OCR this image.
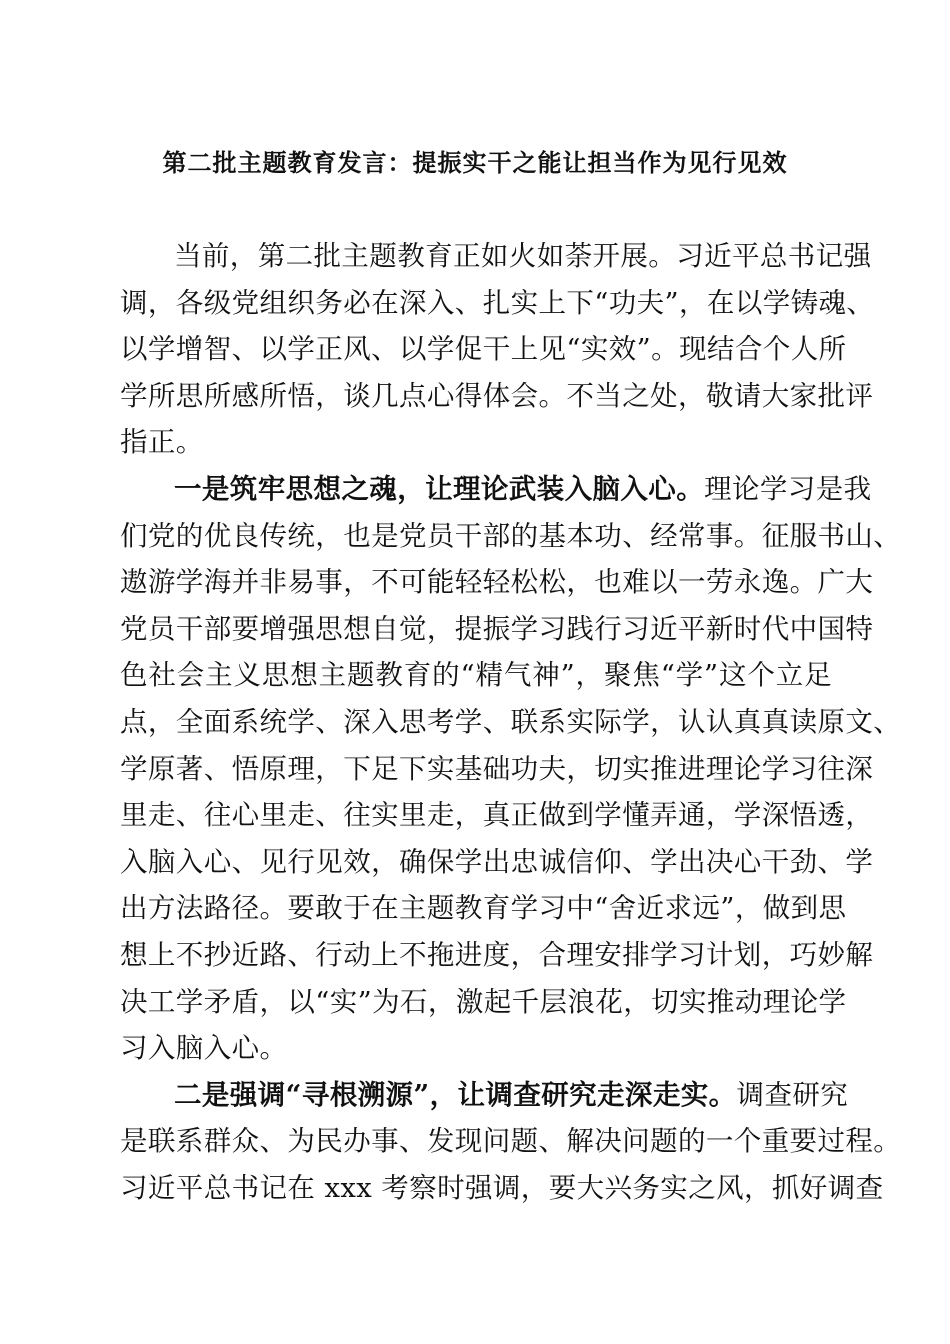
第二批主题教育发言：提振实干之能让担当作为见行见效
当前，第二批主题教育正如火如荼开展。习近平总书记强
调，各级党组织务必在深入、扎实上下“功夫”，在以学铸魂、
以学增智、以学正风、以学促干上见“实效”。现结合个人所
学所思所感所悟，谈几点心得体会。不当之处，敬请大家批评
指正。
一是筑牢思想之魂，让理论武装入脑入心。理论学习是我
们党的优良传统，也是党员干部的基本功、经常事。征服书山、
遨游学海并非易事，不可能轻轻松松，也难以一劳永逸。广大
党员干部要增强思想自觉，提振学习践行习近平新时代中国特
色社会主义思想主题教育的“精气神”，聚焦“学”这个立足
点，全面系统学、深入思考学、联系实际学，认认真真读原文、
学原著、悟原理，下足下实基础功夫，切实推进理论学习往深
里走、往心里走、往实里走，真正做到学懂弄通，学深悟透，
入脑入心、见行见效，确保学出忠诚信仰、学出决心干劲、学
出方法路径。要敢于在主题教育学习中“舍近求远”，做到思
想上不抄近路、行动上不拖进度，合理安排学习计划，巧妙解
决工学矛盾，以“实”为石，激起千层浪花，切实推动理论学
习入脑入心。
二是强调“寻根溯源”，让调查研究走深走实。调查研究
是联系群众、为民办事、发现问题、解决问题的一个重要过程。
习近平总书记在 xxx 考察时强调，要大兴务实之风，抓好调查
